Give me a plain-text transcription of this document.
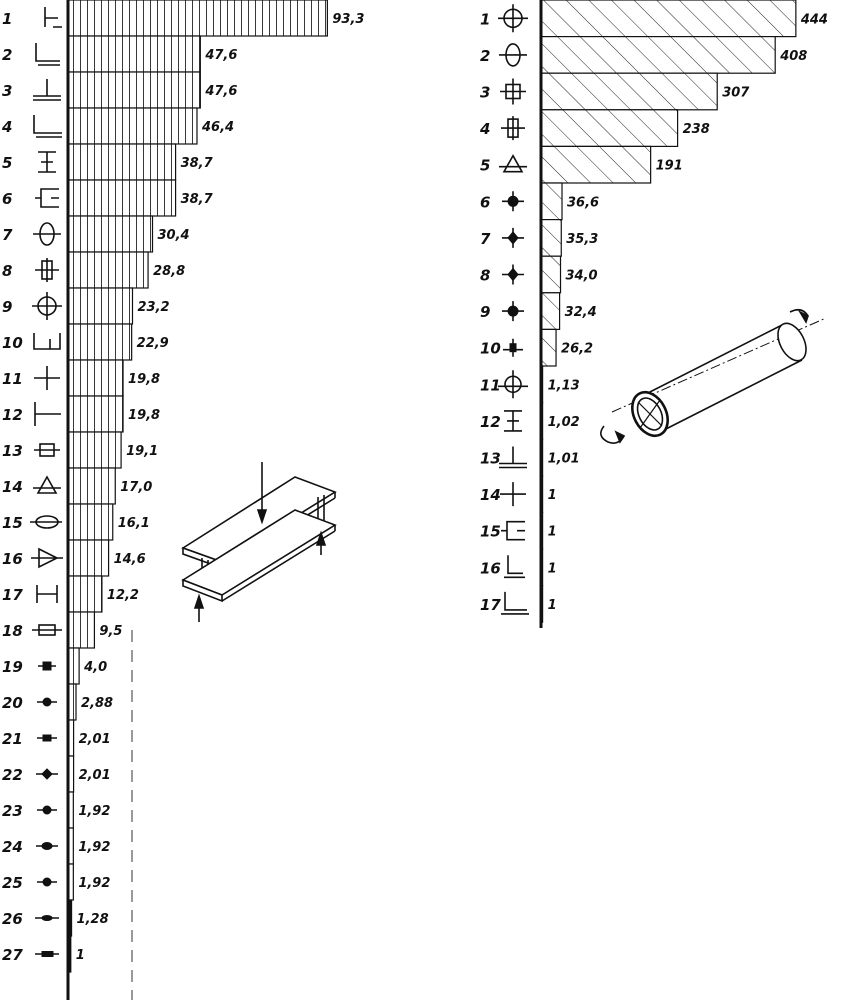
1	93,3
2	47,6
3	47,6
4	46,4
5	38,7
6	38,7
7	30,4
8	28,8
9	23,2
10	22,9
11	19,8
12	19,8
13	19,1
14	17,0
15	16,1
16	14,6
17	12,2
18	9,5
19	4,0
20	2,88
21	2,01
22	2,01
23	1,92
24	1,92
25	1,92
26	1,28
27	1
1	444
2	408
3	307
4	238
5	191
6	36,6
7	35,3
8	34,0
9	32,4
10	26,2
11	1,13
12	1,02
13	1,01
14	1
15	1
16	1
17	1
